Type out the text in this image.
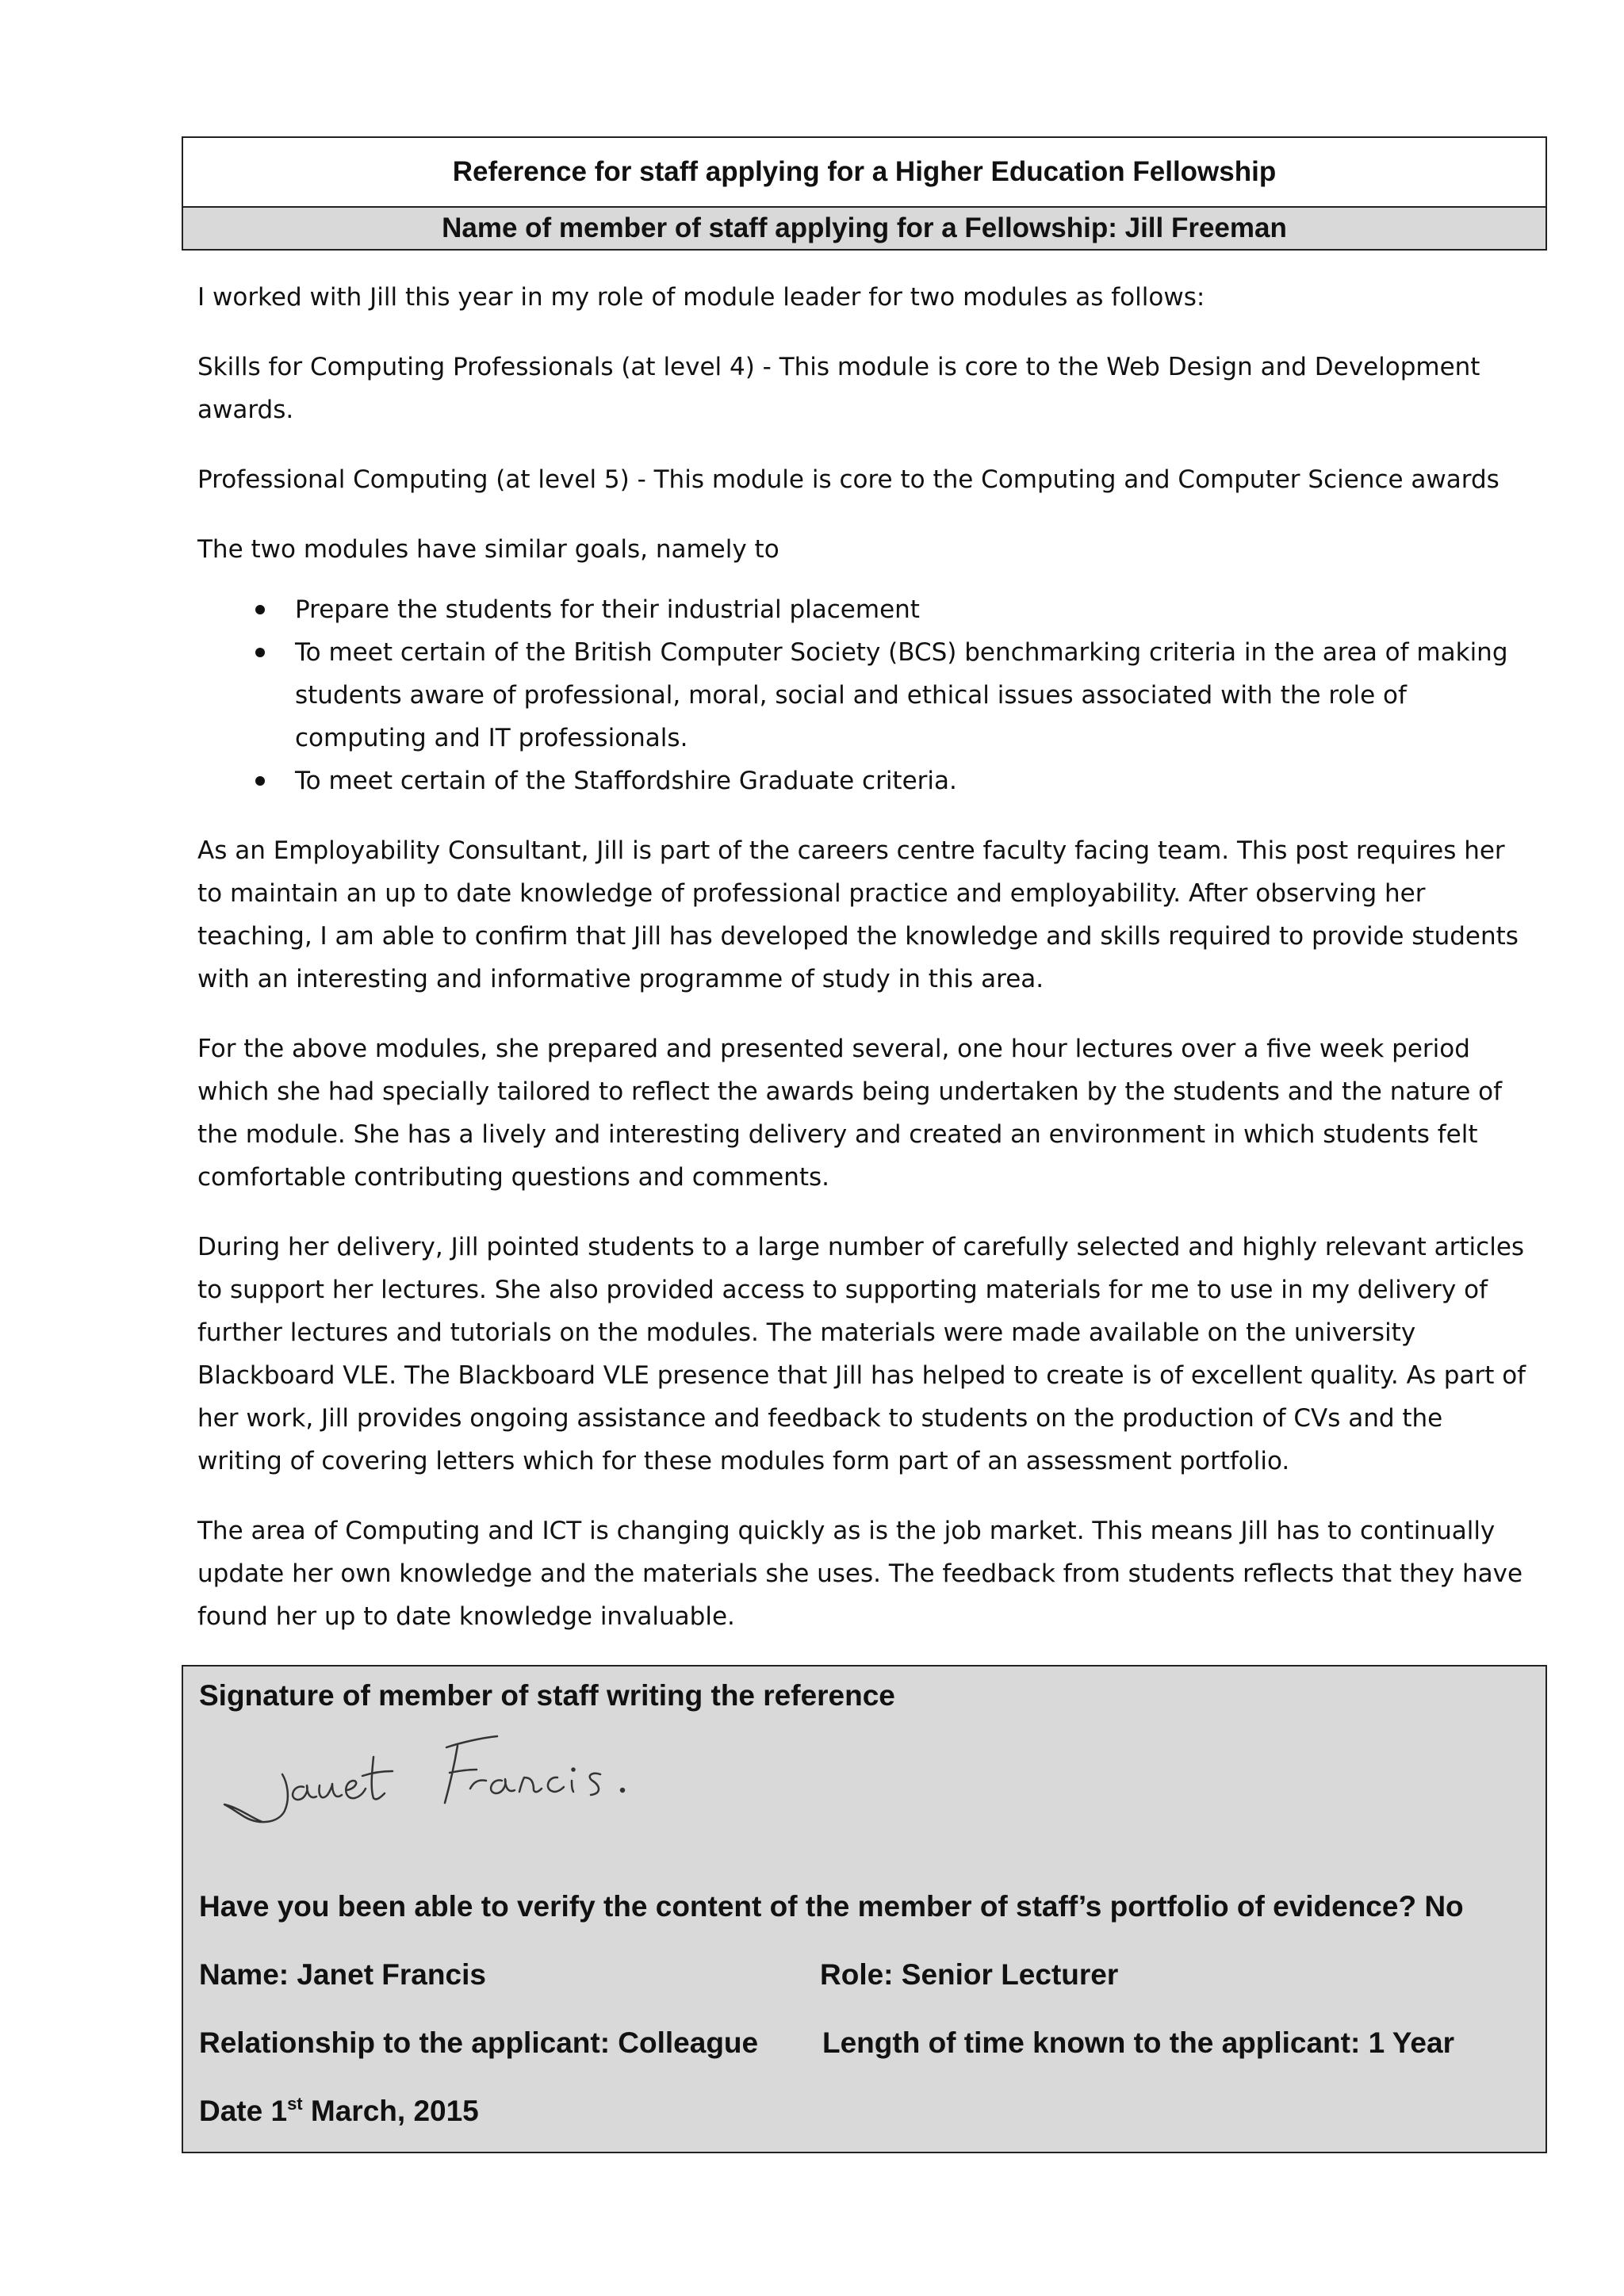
Reference for staff applying for a Higher Education Fellowship
Name of member of staff applying for a Fellowship: Jill Freeman

I worked with Jill this year in my role of module leader for two modules as follows:

Skills for Computing Professionals (at level 4) - This module is core to the Web Design and Development awards.

Professional Computing (at level 5) - This module is core to the Computing and Computer Science awards

The two modules have similar goals, namely to

Prepare the students for their industrial placement
To meet certain of the British Computer Society (BCS) benchmarking criteria in the area of making students aware of professional, moral, social and ethical issues associated with the role of computing and IT professionals.
To meet certain of the Staffordshire Graduate criteria.

As an Employability Consultant, Jill is part of the careers centre faculty facing team. This post requires her to maintain an up to date knowledge of professional practice and employability. After observing her teaching, I am able to confirm that Jill has developed the knowledge and skills required to provide students with an interesting and informative programme of study in this area.

For the above modules, she prepared and presented several, one hour lectures over a five week period which she had specially tailored to reflect the awards being undertaken by the students and the nature of the module. She has a lively and interesting delivery and created an environment in which students felt comfortable contributing questions and comments.

During her delivery, Jill pointed students to a large number of carefully selected and highly relevant articles to support her lectures. She also provided access to supporting materials for me to use in my delivery of further lectures and tutorials on the modules. The materials were made available on the university Blackboard VLE. The Blackboard VLE presence that Jill has helped to create is of excellent quality. As part of her work, Jill provides ongoing assistance and feedback to students on the production of CVs and the writing of covering letters which for these modules form part of an assessment portfolio.

The area of Computing and ICT is changing quickly as is the job market. This means Jill has to continually update her own knowledge and the materials she uses. The feedback from students reflects that they have found her up to date knowledge invaluable.

Signature of member of staff writing the reference
Have you been able to verify the content of the member of staff’s portfolio of evidence? No
Name: Janet Francis	Role: Senior Lecturer
Relationship to the applicant: Colleague Length of time known to the applicant: 1 Year
Date 1st March, 2015
